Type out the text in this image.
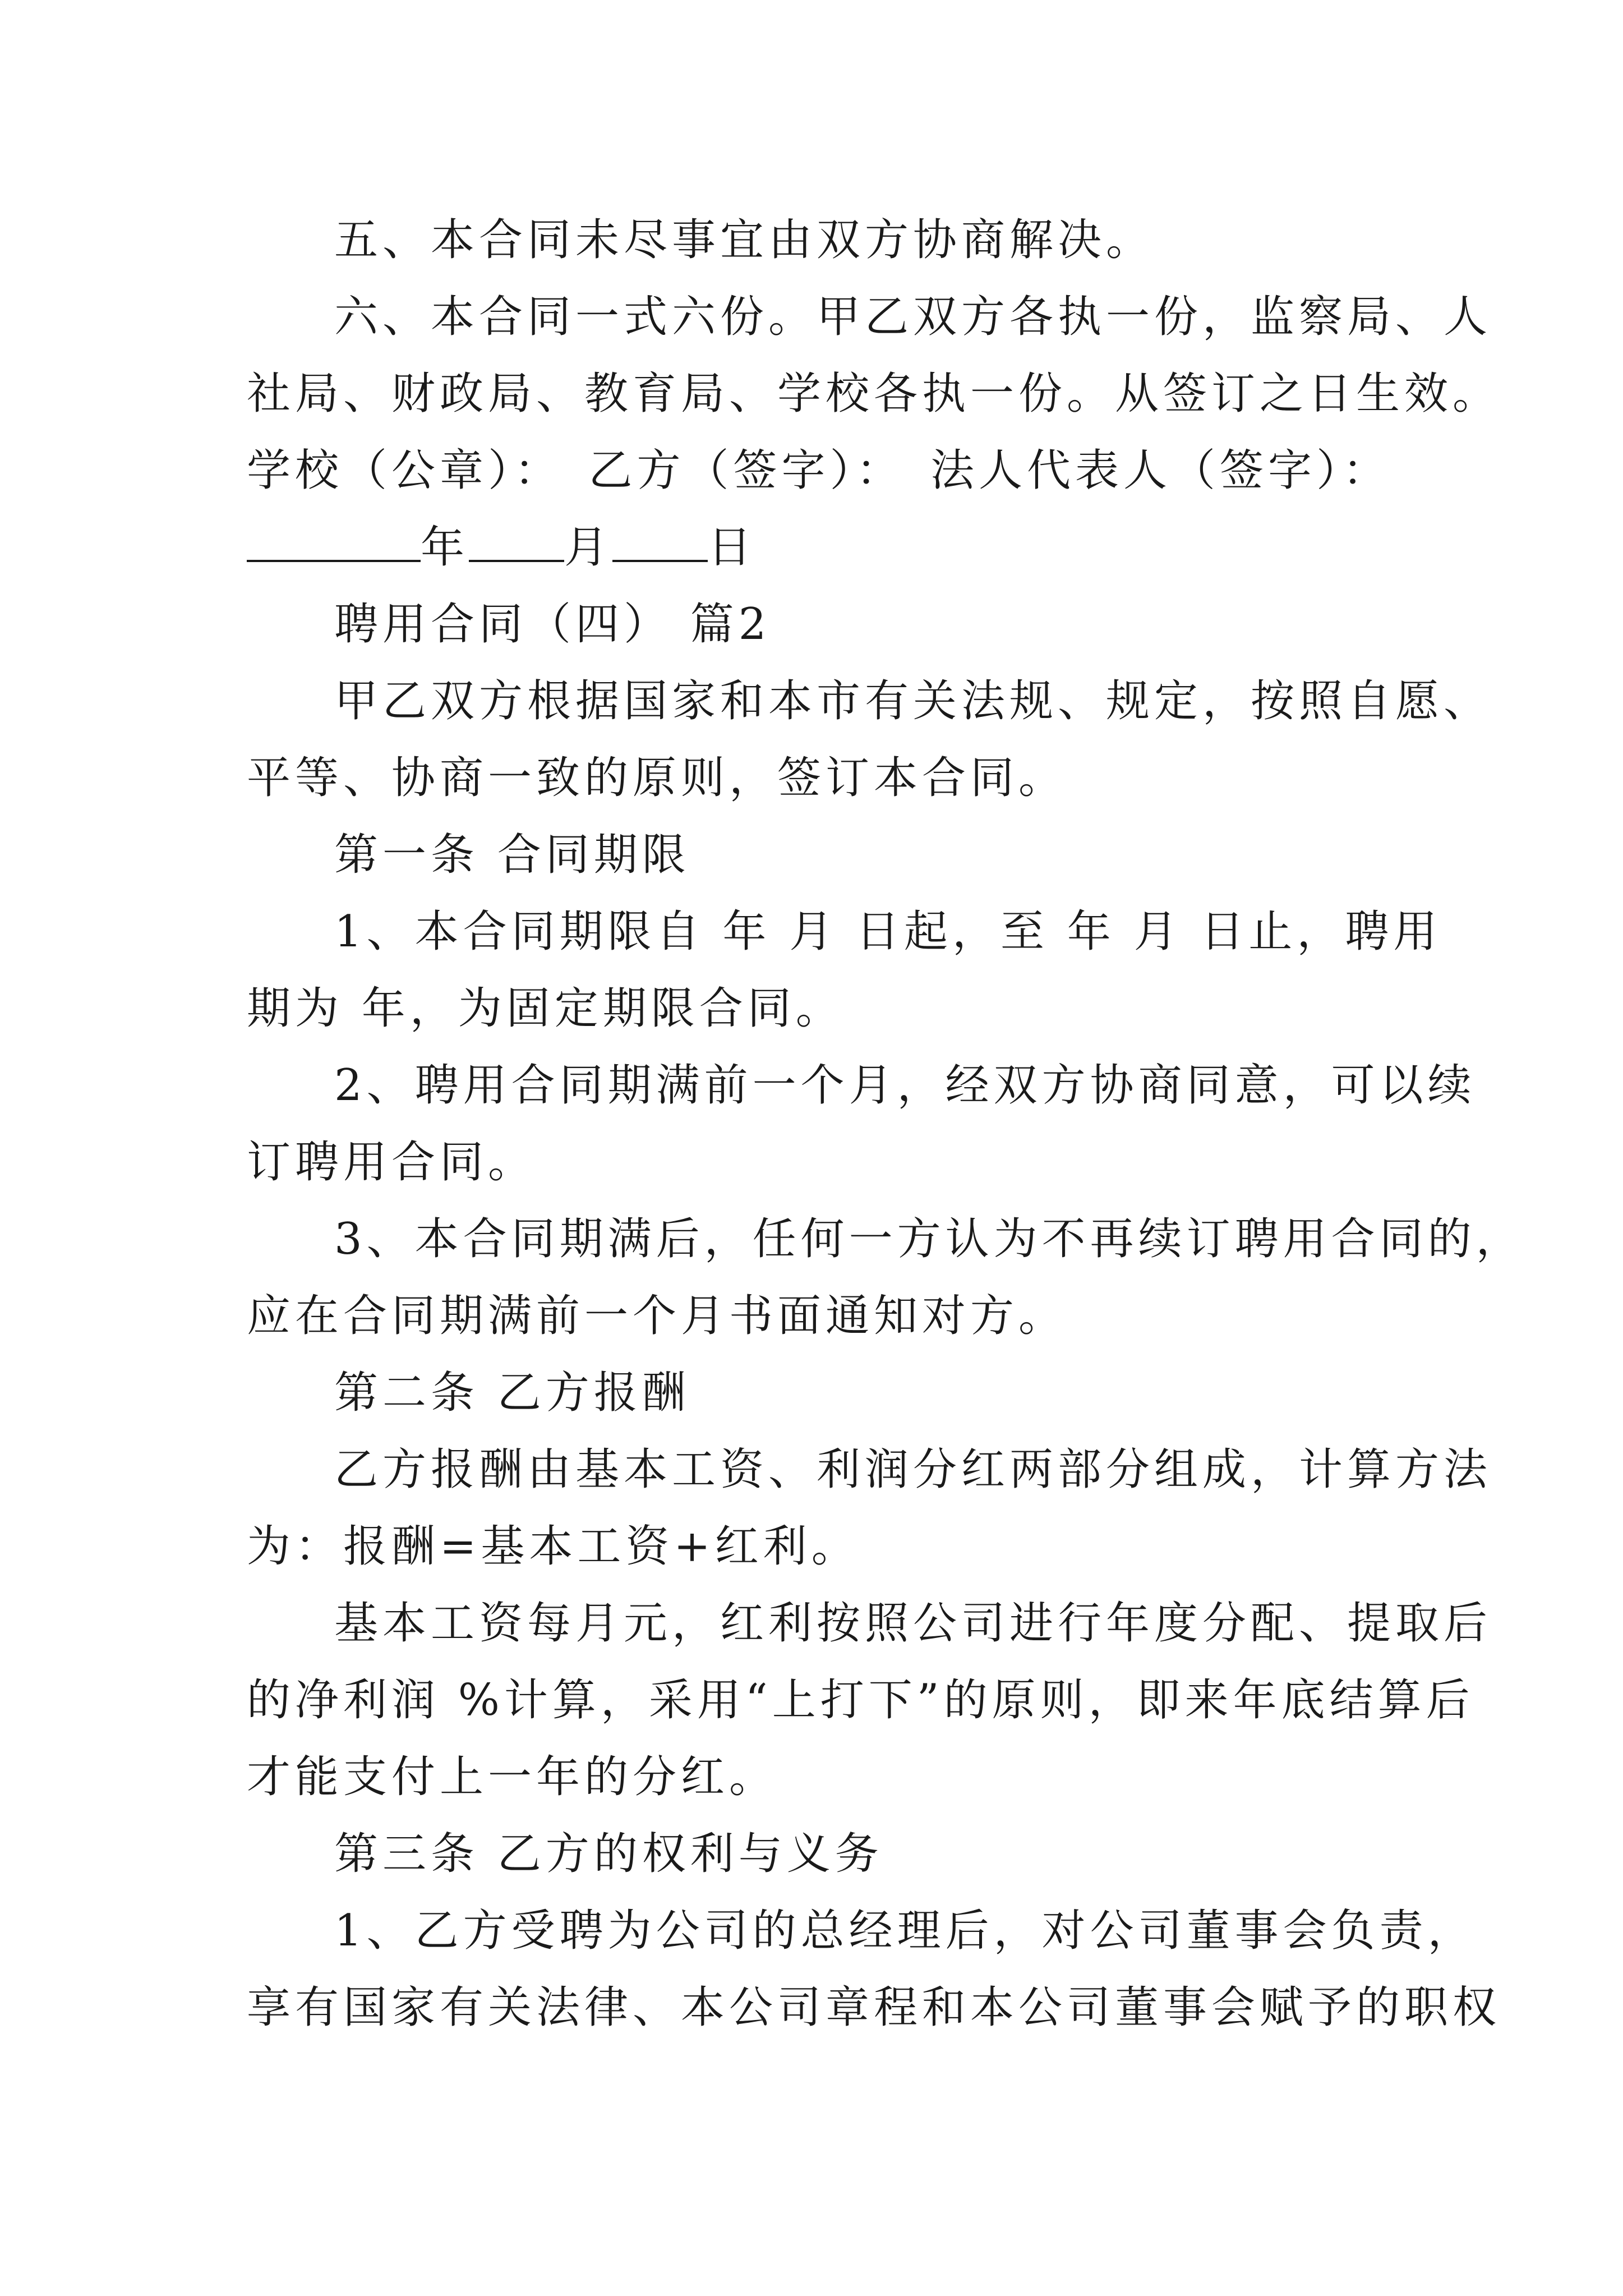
五、本合同未尽事宜由双方协商解决。
六、本合同一式六份。甲乙双方各执一份，监察局、人
社局、财政局、教育局、学校各执一份。从签订之日生效。
学校（公章）： 乙方（签字）： 法人代表人（签字）：
年 月 日
聘用合同（四） 篇2
甲乙双方根据国家和本市有关法规、规定，按照自愿、
平等、协商一致的原则，签订本合同。
第一条 合同期限
1、本合同期限自 年 月 日起，至 年 月 日止，聘用
期为 年，为固定期限合同。
2、聘用合同期满前一个月，经双方协商同意，可以续
订聘用合同。
3、本合同期满后，任何一方认为不再续订聘用合同的，
应在合同期满前一个月书面通知对方。
第二条 乙方报酬
乙方报酬由基本工资、利润分红两部分组成，计算方法
为：报酬=基本工资+红利。
基本工资每月元，红利按照公司进行年度分配、提取后
的净利润 %计算，采用“上打下”的原则，即来年底结算后
才能支付上一年的分红。
第三条 乙方的权利与义务
1、乙方受聘为公司的总经理后，对公司董事会负责，
享有国家有关法律、本公司章程和本公司董事会赋予的职权
